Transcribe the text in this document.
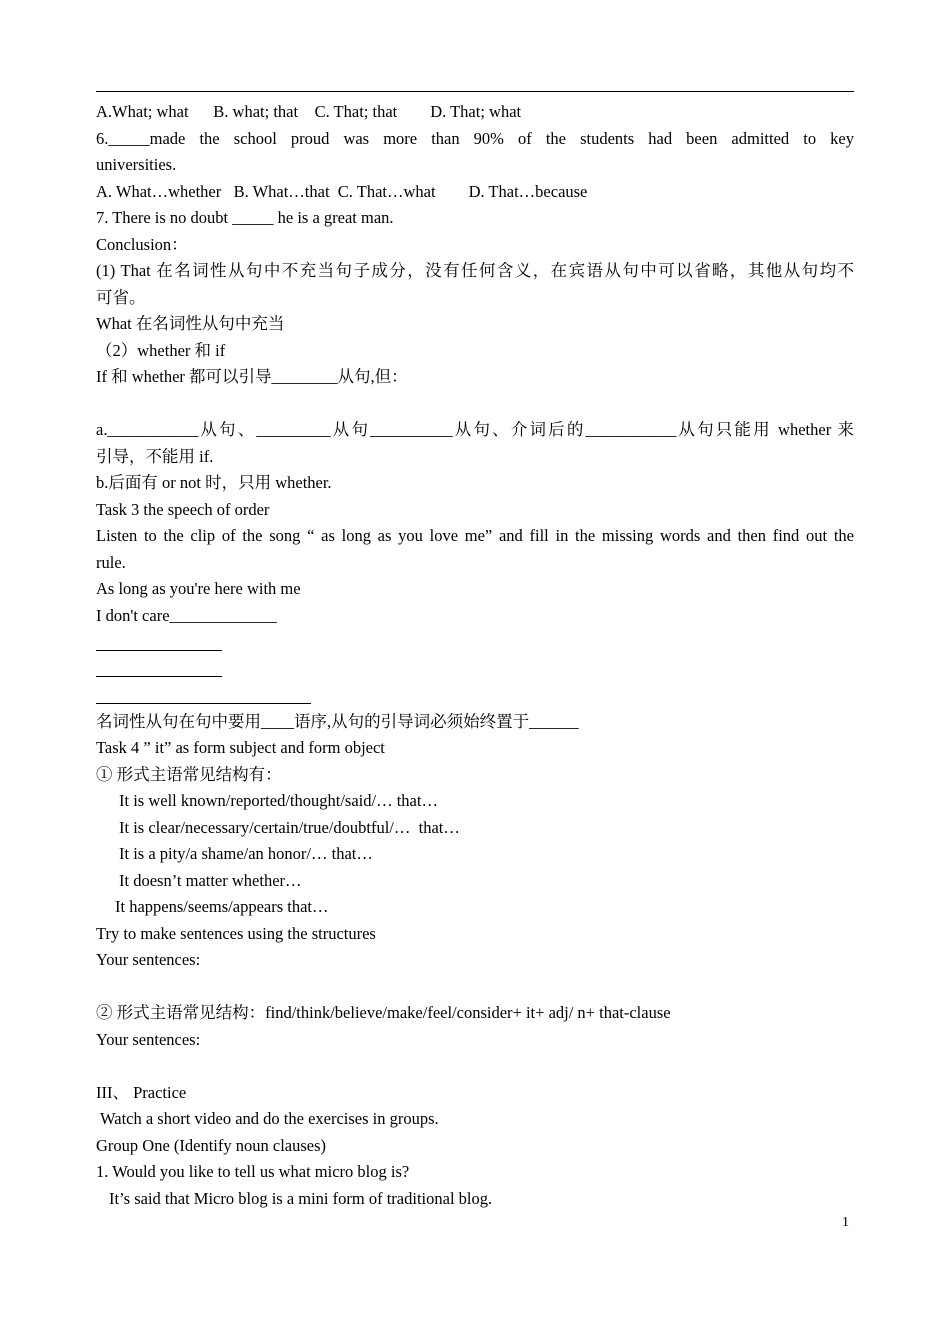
A.What; what      B. what; that    C. That; that        D. That; what
6._____made the school proud was more than 90% of the students had been admitted to key
universities.
A. What…whether   B. What…that  C. That…what        D. That…because
7. There is no doubt _____ he is a great man.
Conclusion：
(1) That 在名词性从句中不充当句子成分，没有任何含义，在宾语从句中可以省略，其他从句均不
可省。
What 在名词性从句中充当
（2）whether 和 if
If 和 whether 都可以引导________从句,但：
a.___________从句、_________从句__________从句、介词后的___________从句只能用 whether 来
引导，不能用 if.
b.后面有 or not 时，只用 whether.
Task 3 the speech of order
Listen to the clip of the song “ as long as you love me” and fill in the missing words and then find out the
rule.
As long as you're here with me
I don't care_____________
名词性从句在句中要用____语序,从句的引导词必须始终置于______
Task 4 ” it” as form subject and form object
① 形式主语常见结构有：
It is well known/reported/thought/said/… that…
It is clear/necessary/certain/true/doubtful/…  that…
It is a pity/a shame/an honor/… that…
It doesn’t matter whether…
It happens/seems/appears that…
Try to make sentences using the structures
Your sentences:
② 形式主语常见结构：find/think/believe/make/feel/consider+ it+ adj/ n+ that-clause
Your sentences:
III、 Practice
Watch a short video and do the exercises in groups.
Group One (Identify noun clauses)
1. Would you like to tell us what micro blog is?
It’s said that Micro blog is a mini form of traditional blog.
1
